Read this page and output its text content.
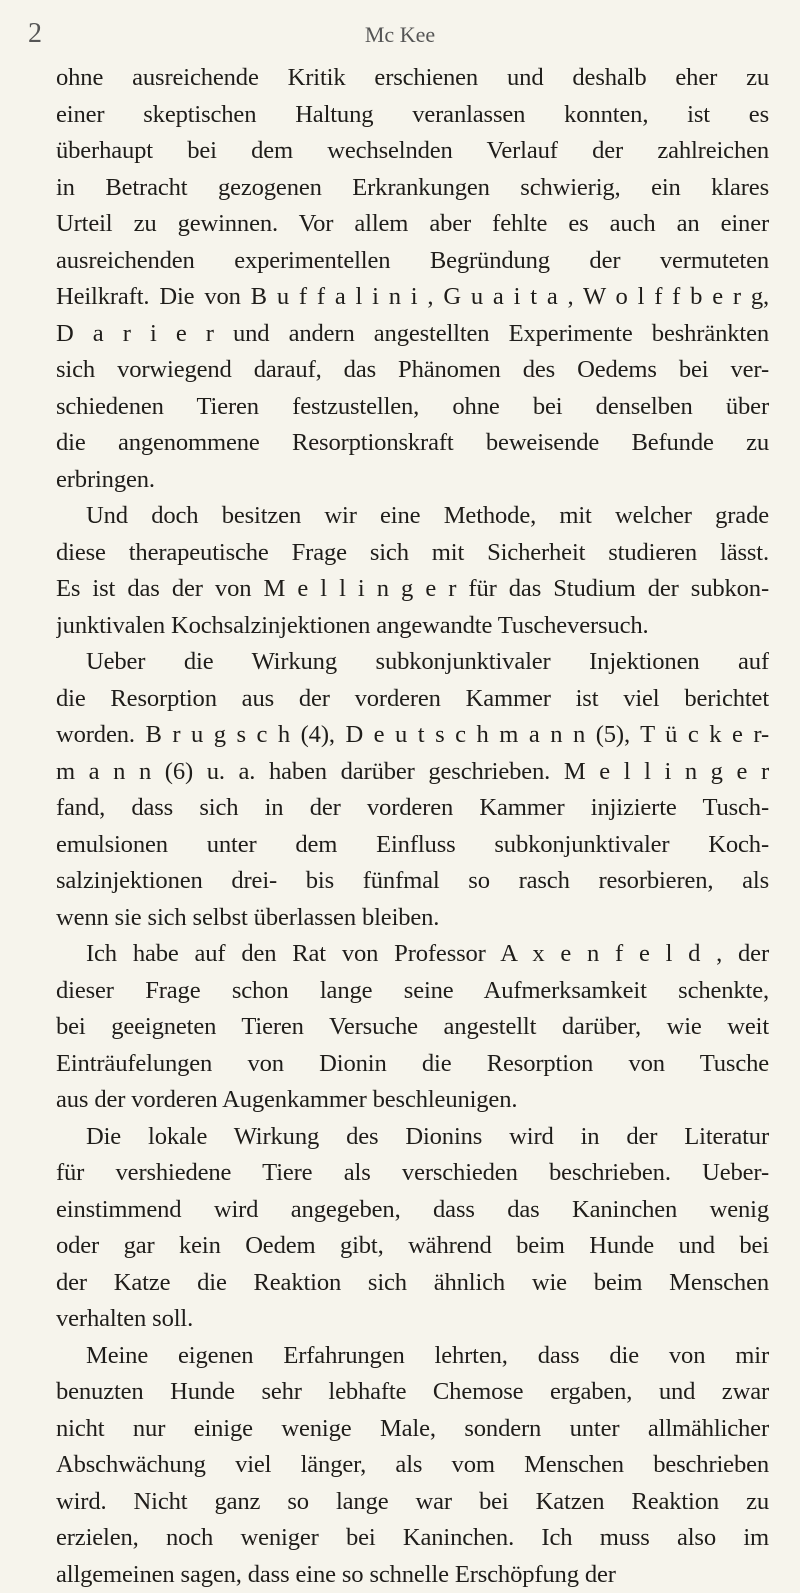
2	Mc Kee
ohne ausreichende Kritik erschienen und deshalb eher zu
einer skeptischen Haltung veranlassen konnten, ist es
überhaupt bei dem wechselnden Verlauf der zahlreichen
in Betracht gezogenen Erkrankungen schwierig, ein klares
Urteil zu gewinnen. Vor allem aber fehlte es auch an einer
ausreichenden experimentellen Begründung der vermuteten
Heilkraft. Die von B u f f a l i n i , G u a i t a , W o l f f b e r g,
D a r i e r und andern angestellten Experimente beshränkten
sich vorwiegend darauf, das Phänomen des Oedems bei ver-
schiedenen Tieren festzustellen, ohne bei denselben über
die angenommene Resorptionskraft beweisende Befunde zu
erbringen.
Und doch besitzen wir eine Methode, mit welcher grade
diese therapeutische Frage sich mit Sicherheit studieren lässt.
Es ist das der von M e l l i n g e r für das Studium der subkon-
junktivalen Kochsalzinjektionen angewandte Tuscheversuch.
Ueber die Wirkung subkonjunktivaler Injektionen auf
die Resorption aus der vorderen Kammer ist viel berichtet
worden. B r u g s c h (4), D e u t s c h m a n n (5), T ü c k e r-
m a n n (6) u. a. haben darüber geschrieben. M e l l i n g e r
fand, dass sich in der vorderen Kammer injizierte Tusch-
emulsionen unter dem Einfluss subkonjunktivaler Koch-
salzinjektionen drei- bis fünfmal so rasch resorbieren, als
wenn sie sich selbst überlassen bleiben.
Ich habe auf den Rat von Professor A x e n f e l d , der
dieser Frage schon lange seine Aufmerksamkeit schenkte,
bei geeigneten Tieren Versuche angestellt darüber, wie weit
Einträufelungen von Dionin die Resorption von Tusche
aus der vorderen Augenkammer beschleunigen.
Die lokale Wirkung des Dionins wird in der Literatur
für vershiedene Tiere als verschieden beschrieben. Ueber-
einstimmend wird angegeben, dass das Kaninchen wenig
oder gar kein Oedem gibt, während beim Hunde und bei
der Katze die Reaktion sich ähnlich wie beim Menschen
verhalten soll.
Meine eigenen Erfahrungen lehrten, dass die von mir
benuzten Hunde sehr lebhafte Chemose ergaben, und zwar
nicht nur einige wenige Male, sondern unter allmählicher
Abschwächung viel länger, als vom Menschen beschrieben
wird. Nicht ganz so lange war bei Katzen Reaktion zu
erzielen, noch weniger bei Kaninchen. Ich muss also im
allgemeinen sagen, dass eine so schnelle Erschöpfung der
